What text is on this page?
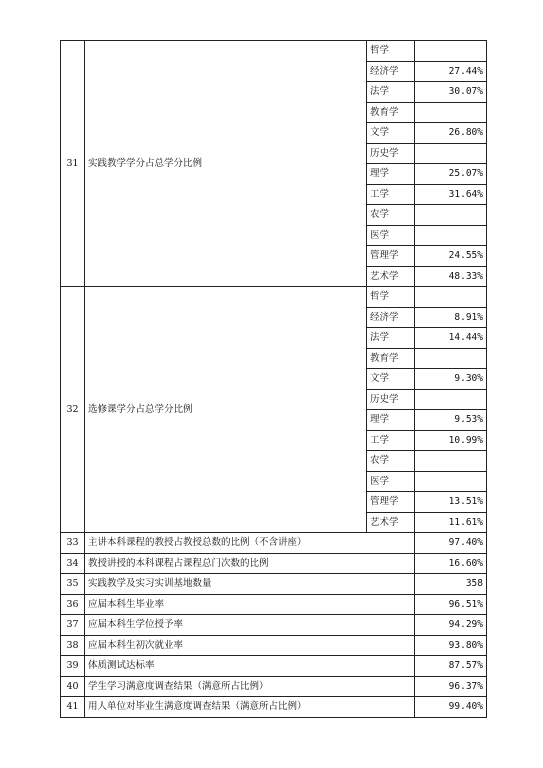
31	实践教学学分占总学分比例	哲学	
		经济学	27.44%
		法学	30.07%
		教育学	
		文学	26.80%
		历史学	
		理学	25.07%
		工学	31.64%
		农学	
		医学	
		管理学	24.55%
		艺术学	48.33%
32	选修课学分占总学分比例	哲学	
		经济学	8.91%
		法学	14.44%
		教育学	
		文学	9.30%
		历史学	
		理学	9.53%
		工学	10.99%
		农学	
		医学	
		管理学	13.51%
		艺术学	11.61%
33	主讲本科课程的教授占教授总数的比例（不含讲座）		97.40%
34	教授讲授的本科课程占课程总门次数的比例		16.60%
35	实践教学及实习实训基地数量		358
36	应届本科生毕业率		96.51%
37	应届本科生学位授予率		94.29%
38	应届本科生初次就业率		93.80%
39	体质测试达标率		87.57%
40	学生学习满意度调查结果（满意所占比例）		96.37%
41	用人单位对毕业生满意度调查结果（满意所占比例）		99.40%
